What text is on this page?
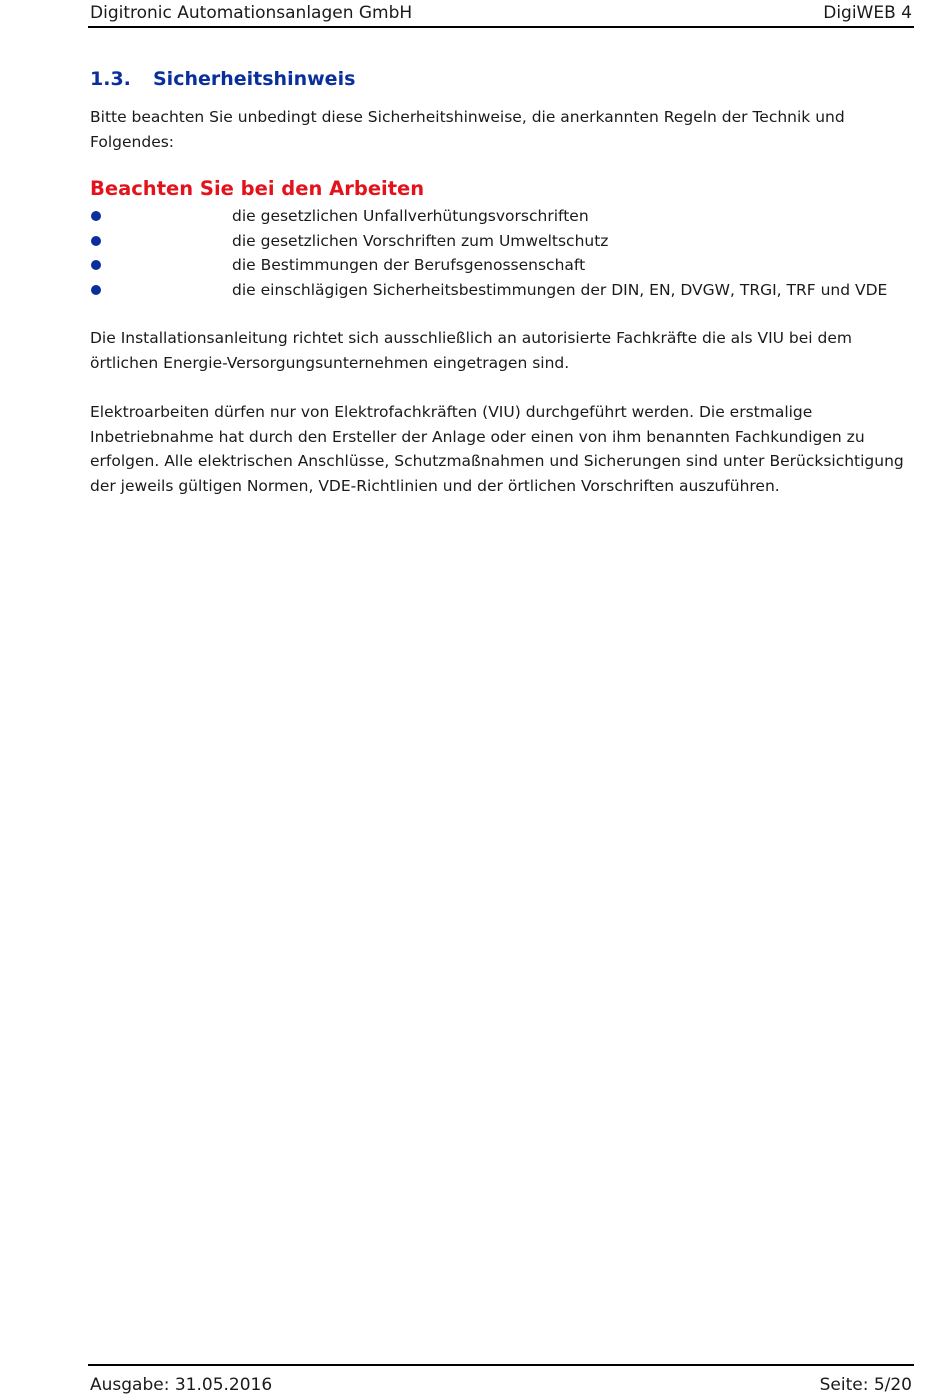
Digitronic Automationsanlagen GmbH	DigiWEB 4
1.3. Sicherheitshinweis
Bitte beachten Sie unbedingt diese Sicherheitshinweise, die anerkannten Regeln der Technik und Folgendes:
Beachten Sie bei den Arbeiten
die gesetzlichen Unfallverhütungsvorschriften
die gesetzlichen Vorschriften zum Umweltschutz
die Bestimmungen der Berufsgenossenschaft
die einschlägigen Sicherheitsbestimmungen der DIN, EN, DVGW, TRGI, TRF und VDE
Die Installationsanleitung richtet sich ausschließlich an autorisierte Fachkräfte die als VIU bei dem örtlichen Energie-Versorgungsunternehmen eingetragen sind.
Elektroarbeiten dürfen nur von Elektrofachkräften (VIU) durchgeführt werden. Die erstmalige Inbetriebnahme hat durch den Ersteller der Anlage oder einen von ihm benannten Fachkundigen zu erfolgen. Alle elektrischen Anschlüsse, Schutzmaßnahmen und Sicherungen sind unter Berücksichtigung der jeweils gültigen Normen, VDE-Richtlinien und der örtlichen Vorschriften auszuführen.
Ausgabe: 31.05.2016	Seite: 5/20
